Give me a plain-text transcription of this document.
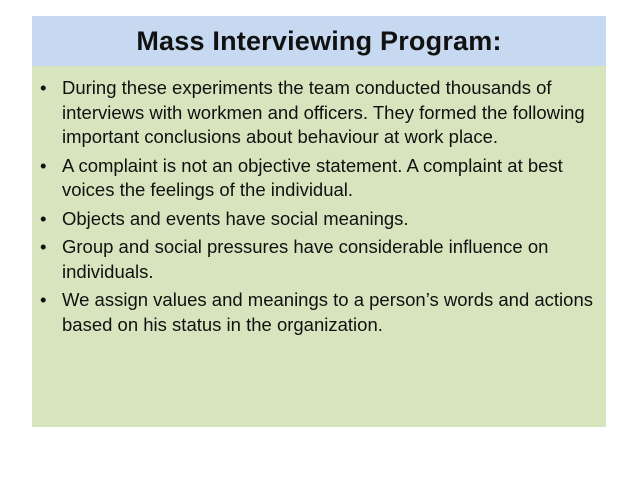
Mass Interviewing Program:
• During these experiments the team conducted thousands of interviews with workmen and officers. They formed the following important conclusions about behaviour at work place.
• A complaint is not an objective statement. A complaint at best voices the feelings of the individual.
• Objects and events have social meanings.
• Group and social pressures have considerable influence on individuals.
• We assign values and meanings to a person’s words and actions based on his status in the organization.
